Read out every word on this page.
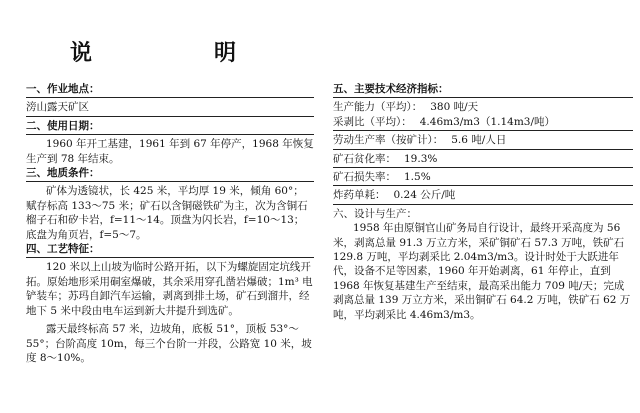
说	明
一、作业地点：
滂山露天矿区
二、使用日期：
1960 年开工基建，1961 年到 67 年停产，1968 年恢复生产到 78 年结束。
三、地质条件：
矿体为透镜状，长 425 米，平均厚 19 米，倾角 60°；赋存标高 133～75 米；矿石以含铜磁铁矿为主，次为含铜石榴子石和矽卡岩，f=11～14。顶盘为闪长岩，f=10～13；底盘为角页岩，f=5～7。
四、工艺特征：
120 米以上山坡为临时公路开拓，以下为螺旋固定坑线开拓。原始地形采用硐室爆破，其余采用穿孔凿岩爆破；1m³ 电铲装车；苏玛自卸汽车运输，剥离到排土场，矿石到溜井，经地下 5 米中段由电车运到新大井提升到选矿。
露天最终标高 57 米，边坡角，底板 51°，顶板 53°～55°；台阶高度 10m，每三个台阶一并段，公路宽 10 米，坡度 8～10%。
五、主要技术经济指标：
生产能力（平均）： 380 吨/天
采剥比（平均）： 4.46m3/m3（1.14m3/吨）
劳动生产率（按矿计）： 5.6 吨/人日
矿石贫化率： 19.3%
矿石损失率： 1.5%
炸药单耗： 0.24 公斤/吨
六、设计与生产：
1958 年由原铜官山矿务局自行设计，最终开采高度为 56 米，剥离总量 91.3 万立方米，采矿铜矿石 57.3 万吨，铁矿石 129.8 万吨，平均剥采比 2.04m3/m3。设计时处于大跃进年代，设备不足等因素，1960 年开始剥离，61 年停止，直到 1968 年恢复基建生产至结束，最高采出能力 709 吨/天；完成剥离总量 139 万立方米，采出铜矿石 64.2 万吨，铁矿石 62 万吨，平均剥采比 4.46m3/m3。
